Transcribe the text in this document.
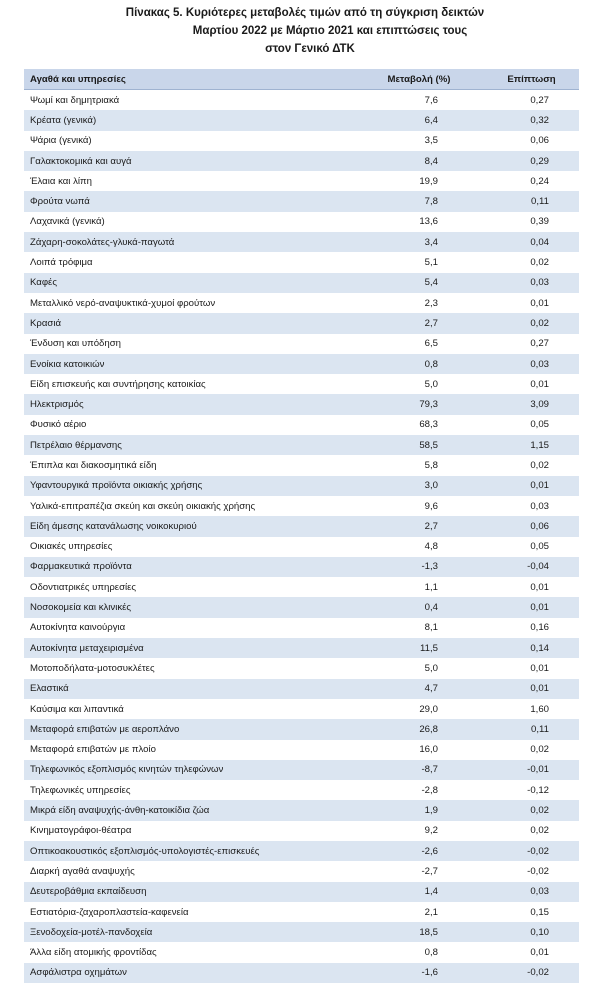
Πίνακας 5. Κυριότερες μεταβολές τιμών από τη σύγκριση δεικτών
Μαρτίου 2022 με Μάρτιο 2021 και επιπτώσεις τους
στον Γενικό ΔΤΚ
Αγαθά και υπηρεσίες	Μεταβολή (%)	Επίπτωση
Ψωμί και δημητριακά	7,6	0,27
Κρέατα (γενικά)	6,4	0,32
Ψάρια (γενικά)	3,5	0,06
Γαλακτοκομικά και αυγά	8,4	0,29
Έλαια και λίπη	19,9	0,24
Φρούτα νωπά	7,8	0,11
Λαχανικά (γενικά)	13,6	0,39
Ζάχαρη-σοκολάτες-γλυκά-παγωτά	3,4	0,04
Λοιπά τρόφιμα	5,1	0,02
Καφές	5,4	0,03
Μεταλλικό νερό-αναψυκτικά-χυμοί φρούτων	2,3	0,01
Κρασιά	2,7	0,02
Ένδυση και υπόδηση	6,5	0,27
Ενοίκια κατοικιών	0,8	0,03
Είδη επισκευής και συντήρησης κατοικίας	5,0	0,01
Ηλεκτρισμός	79,3	3,09
Φυσικό αέριο	68,3	0,05
Πετρέλαιο θέρμανσης	58,5	1,15
Έπιπλα και διακοσμητικά είδη	5,8	0,02
Υφαντουργικά προϊόντα οικιακής χρήσης	3,0	0,01
Υαλικά-επιτραπέζια σκεύη και σκεύη οικιακής χρήσης	9,6	0,03
Είδη άμεσης κατανάλωσης νοικοκυριού	2,7	0,06
Οικιακές υπηρεσίες	4,8	0,05
Φαρμακευτικά προϊόντα	-1,3	-0,04
Οδοντιατρικές υπηρεσίες	1,1	0,01
Νοσοκομεία και κλινικές	0,4	0,01
Αυτοκίνητα καινούργια	8,1	0,16
Αυτοκίνητα μεταχειρισμένα	11,5	0,14
Μοτοποδήλατα-μοτοσυκλέτες	5,0	0,01
Ελαστικά	4,7	0,01
Καύσιμα και λιπαντικά	29,0	1,60
Μεταφορά επιβατών με αεροπλάνο	26,8	0,11
Μεταφορά επιβατών με πλοίο	16,0	0,02
Τηλεφωνικός εξοπλισμός κινητών τηλεφώνων	-8,7	-0,01
Τηλεφωνικές υπηρεσίες	-2,8	-0,12
Μικρά είδη αναψυχής-άνθη-κατοικίδια ζώα	1,9	0,02
Κινηματογράφοι-θέατρα	9,2	0,02
Οπτικοακουστικός εξοπλισμός-υπολογιστές-επισκευές	-2,6	-0,02
Διαρκή αγαθά αναψυχής	-2,7	-0,02
Δευτεροβάθμια εκπαίδευση	1,4	0,03
Εστιατόρια-ζαχαροπλαστεία-καφενεία	2,1	0,15
Ξενοδοχεία-μοτέλ-πανδοχεία	18,5	0,10
Άλλα είδη ατομικής φροντίδας	0,8	0,01
Ασφάλιστρα οχημάτων	-1,6	-0,02
